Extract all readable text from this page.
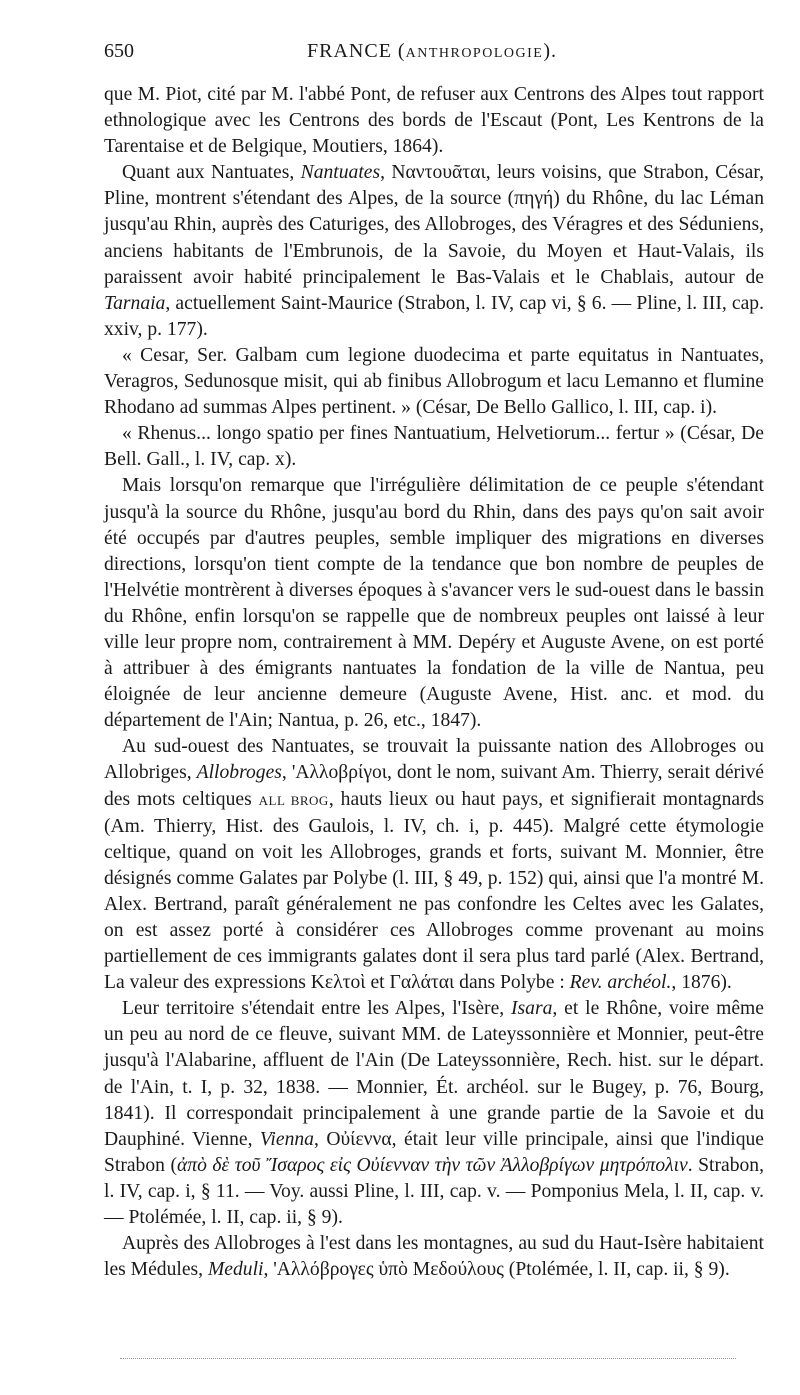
650	FRANCE (ANTHROPOLOGIE).

que M. Piot, cité par M. l'abbé Pont, de refuser aux Centrons des Alpes tout rapport ethnologique avec les Centrons des bords de l'Escaut (Pont, Les Kentrons de la Tarentaise et de Belgique, Moutiers, 1864).

Quant aux Nantuates, Nantuates, Ναντουᾶται, leurs voisins, que Strabon, César, Pline, montrent s'étendant des Alpes, de la source (πηγή) du Rhône, du lac Léman jusqu'au Rhin, auprès des Caturiges, des Allobroges, des Véragres et des Séduniens, anciens habitants de l'Embrunois, de la Savoie, du Moyen et Haut-Valais, ils paraissent avoir habité principalement le Bas-Valais et le Chablais, autour de Tarnaia, actuellement Saint-Maurice (Strabon, l. IV, cap vi, § 6. — Pline, l. III, cap. xxiv, p. 177).

« Cesar, Ser. Galbam cum legione duodecima et parte equitatus in Nantuates, Veragros, Sedunosque misit, qui ab finibus Allobrogum et lacu Lemanno et flumine Rhodano ad summas Alpes pertinent. » (César, De Bello Gallico, l. III, cap. i).

« Rhenus... longo spatio per fines Nantuatium, Helvetiorum... fertur » (César, De Bell. Gall., l. IV, cap. x).

Mais lorsqu'on remarque que l'irrégulière délimitation de ce peuple s'étendant jusqu'à la source du Rhône, jusqu'au bord du Rhin, dans des pays qu'on sait avoir été occupés par d'autres peuples, semble impliquer des migrations en diverses directions, lorsqu'on tient compte de la tendance que bon nombre de peuples de l'Helvétie montrèrent à diverses époques à s'avancer vers le sud-ouest dans le bassin du Rhône, enfin lorsqu'on se rappelle que de nombreux peuples ont laissé à leur ville leur propre nom, contrairement à MM. Depéry et Auguste Avene, on est porté à attribuer à des émigrants nantuates la fondation de la ville de Nantua, peu éloignée de leur ancienne demeure (Auguste Avene, Hist. anc. et mod. du département de l'Ain; Nantua, p. 26, etc., 1847).

Au sud-ouest des Nantuates, se trouvait la puissante nation des Allobroges ou Allobriges, Allobroges, 'Αλλοβρίγοι, dont le nom, suivant Am. Thierry, serait dérivé des mots celtiques ALL BROG, hauts lieux ou haut pays, et signifierait montagnards (Am. Thierry, Hist. des Gaulois, l. IV, ch. i, p. 445). Malgré cette étymologie celtique, quand on voit les Allobroges, grands et forts, suivant M. Monnier, être désignés comme Galates par Polybe (l. III, § 49, p. 152) qui, ainsi que l'a montré M. Alex. Bertrand, paraît généralement ne pas confondre les Celtes avec les Galates, on est assez porté à considérer ces Allobroges comme provenant au moins partiellement de ces immigrants galates dont il sera plus tard parlé (Alex. Bertrand, La valeur des expressions Κελτοὶ et Γαλάται dans Polybe : Rev. archéol., 1876).

Leur territoire s'étendait entre les Alpes, l'Isère, Isara, et le Rhône, voire même un peu au nord de ce fleuve, suivant MM. de Lateyssonnière et Monnier, peut-être jusqu'à l'Alabarine, affluent de l'Ain (De Lateyssonnière, Rech. hist. sur le départ. de l'Ain, t. I, p. 32, 1838. — Monnier, Ét. archéol. sur le Bugey, p. 76, Bourg, 1841). Il correspondait principalement à une grande partie de la Savoie et du Dauphiné. Vienne, Vienna, Οὐίεννα, était leur ville principale, ainsi que l'indique Strabon (ἀπὸ δὲ τοῦ Ἴσαρος εἰς Οὐίενναν τὴν τῶν Ἀλλοβρίγων μητρόπολιν. Strabon, l. IV, cap. i, § 11. — Voy. aussi Pline, l. III, cap. v. — Pomponius Mela, l. II, cap. v. — Ptolémée, l. II, cap. ii, § 9).

Auprès des Allobroges à l'est dans les montagnes, au sud du Haut-Isère habitaient les Médules, Meduli, 'Αλλόβρογες ὑπὸ Μεδούλους (Ptolémée, l. II, cap. ii, § 9).
